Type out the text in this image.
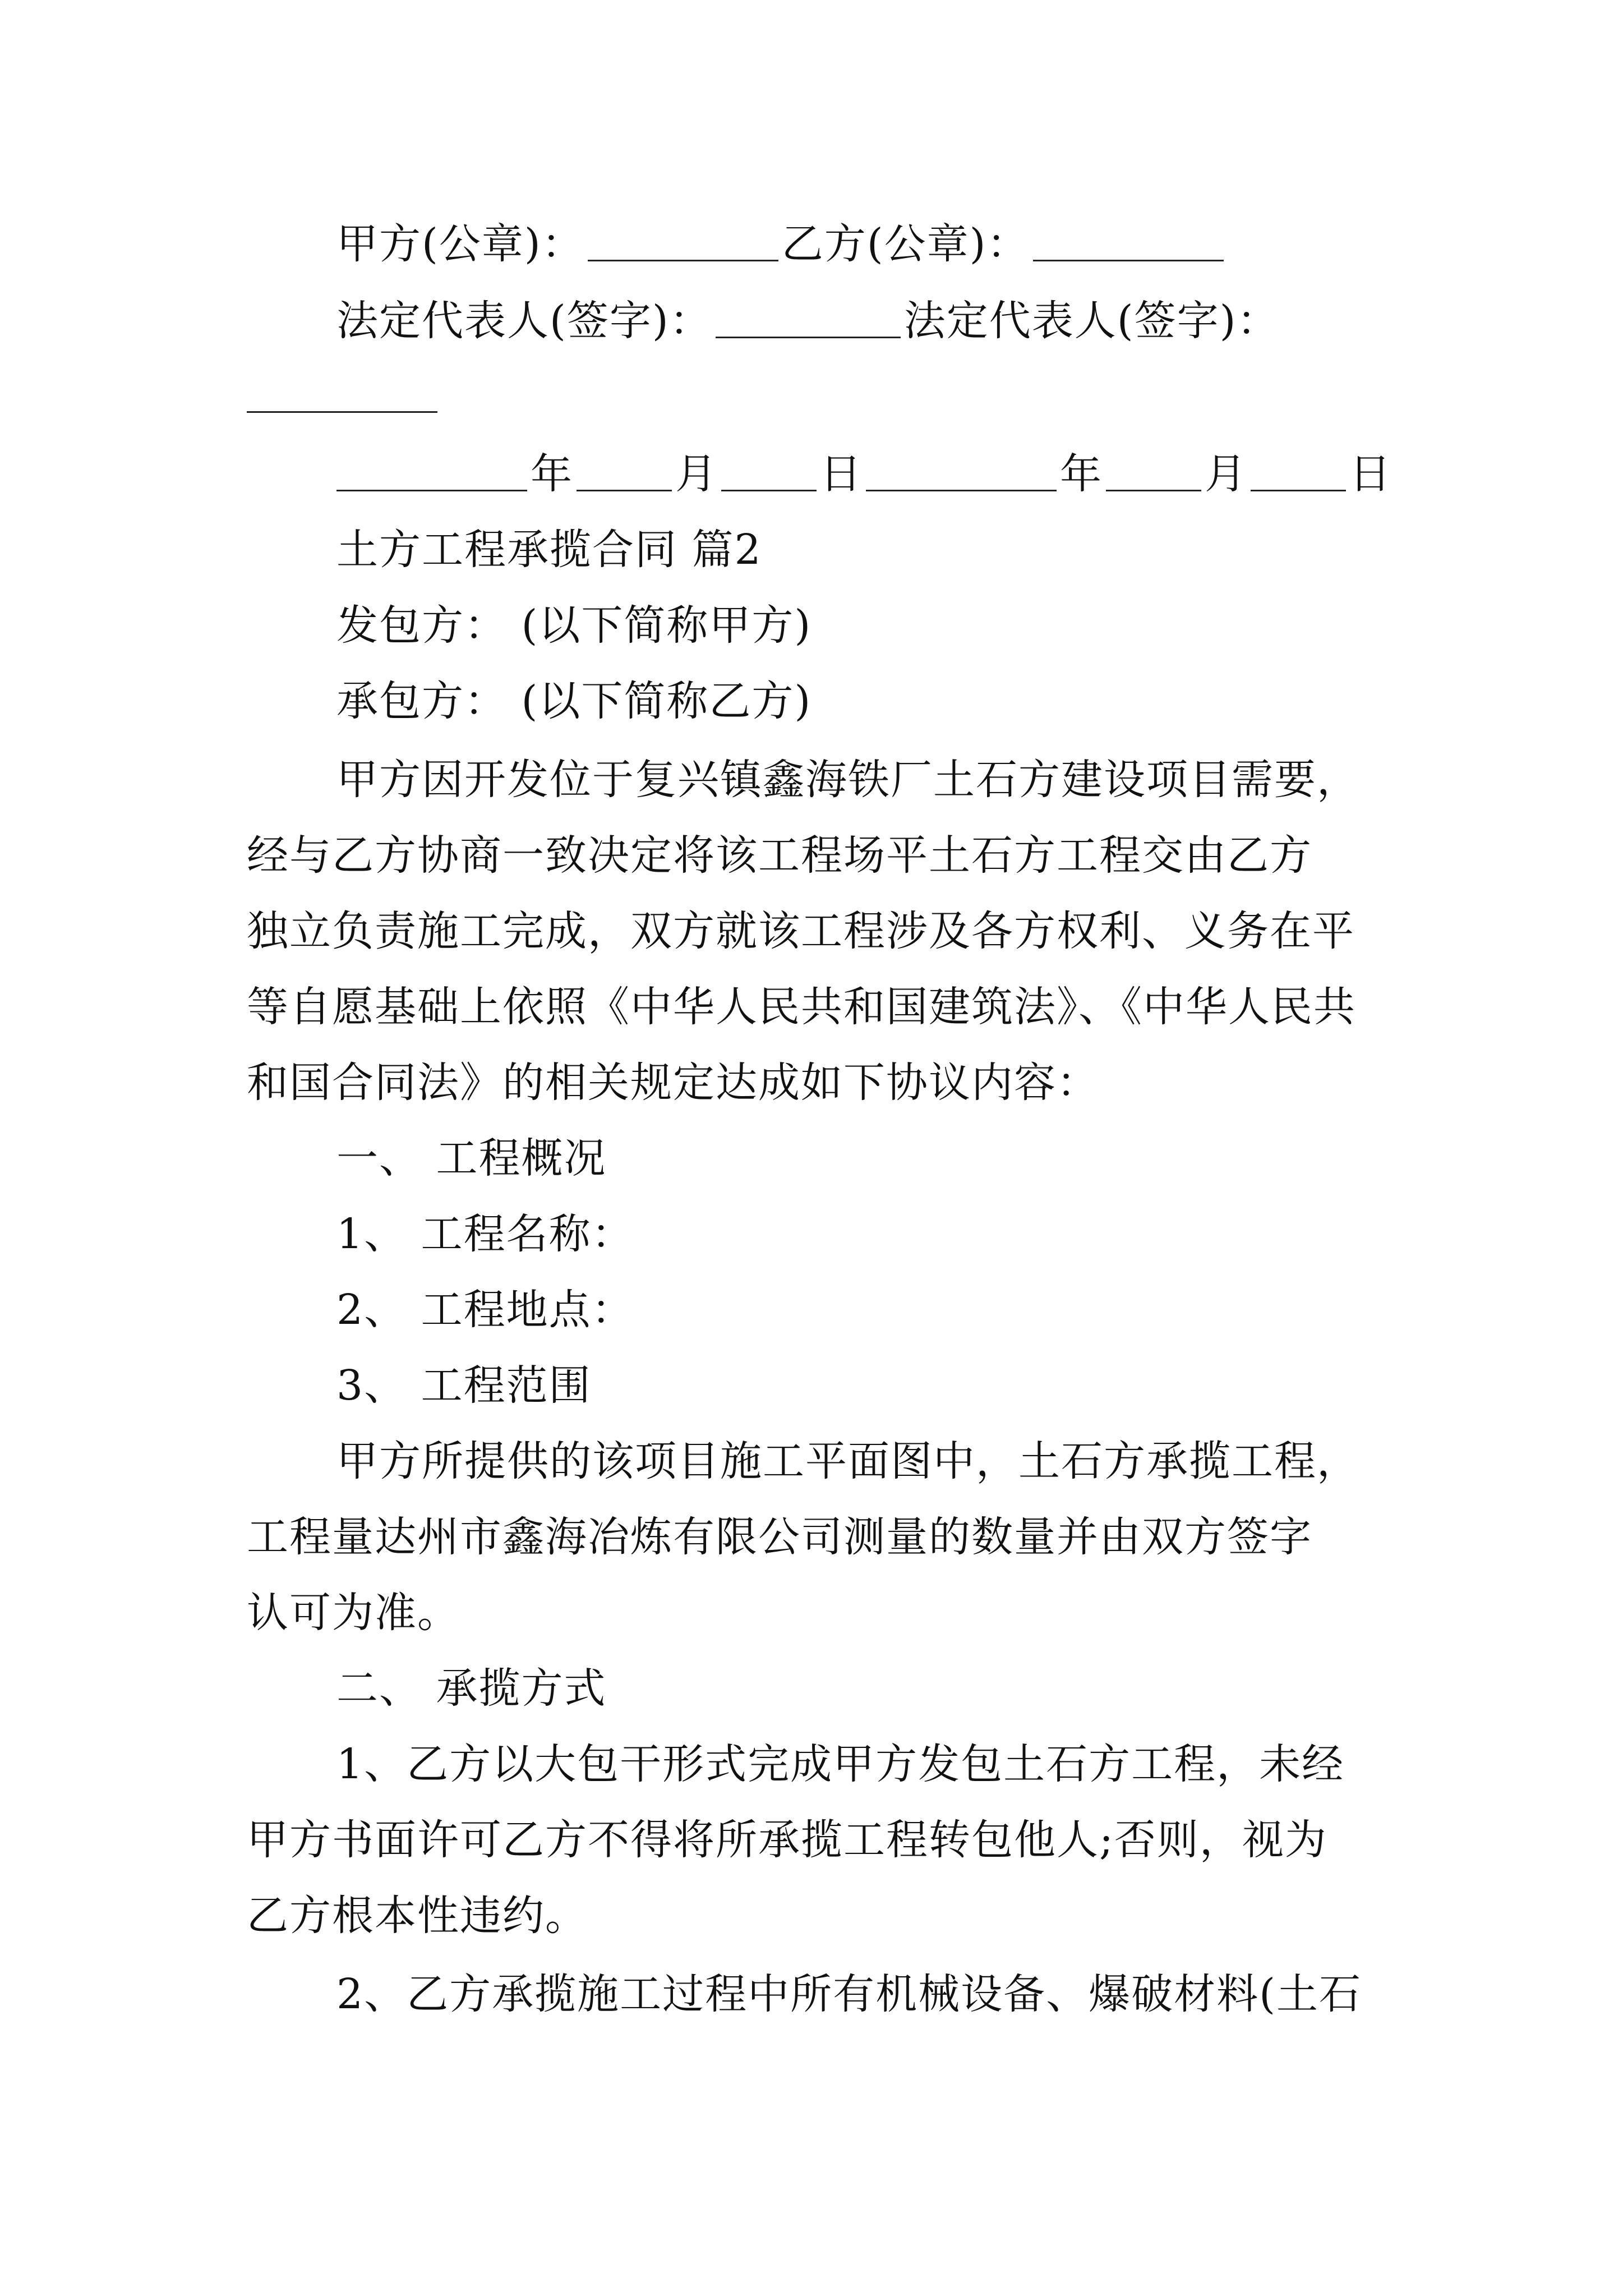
甲方(公章)：	乙方(公章)：
法定代表人(签字)：	法定代表人(签字)：
年 月 日	年 月 日
土方工程承揽合同 篇2
发包方： (以下简称甲方)
承包方： (以下简称乙方)
甲方因开发位于复兴镇鑫海铁厂土石方建设项目需要，
经与乙方协商一致决定将该工程场平土石方工程交由乙方
独立负责施工完成，双方就该工程涉及各方权利、义务在平
等自愿基础上依照《中华人民共和国建筑法》、《中华人民共
和国合同法》的相关规定达成如下协议内容：
一、 工程概况
1、 工程名称：
2、 工程地点：
3、 工程范围
甲方所提供的该项目施工平面图中，土石方承揽工程，
工程量达州市鑫海冶炼有限公司测量的数量并由双方签字
认可为准。
二、 承揽方式
1、乙方以大包干形式完成甲方发包土石方工程，未经
甲方书面许可乙方不得将所承揽工程转包他人;否则，视为
乙方根本性违约。
2、乙方承揽施工过程中所有机械设备、爆破材料(土石
